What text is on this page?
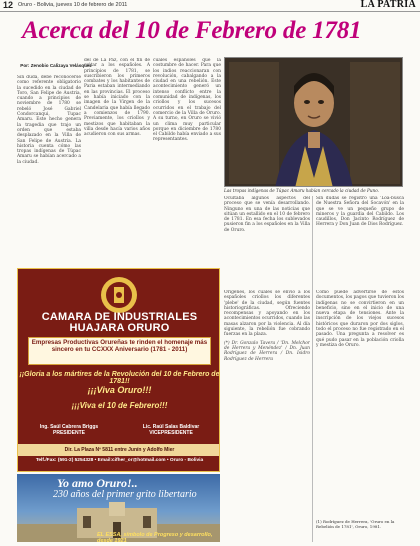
12 Oruro - Bolivia, jueves 10 de febrero de 2011	LA PATRIA
Acerca del 10 de Febrero de 1781
Por: Zenobio Calizaya Velásquez

Sin duda, debe reconocerse como referente obligatorio la sucedido en la ciudad de Toro, San Felipe de Austria, cuando a principios de noviembre de 1780 se rebeló José Gabriel Condorcanqui, Tupac Amaru. Este hecho genera la tragedia que trajo un orden que estaba desplazado en la Villa de San Felipe de Austria. La historia cuenta cómo las tropas indígenas de Túpac Amaru se habían acercado a la ciudad.

del de La Paz, con el fin de evitar a los españoles. A principios de 1781, se suscribieron los primeros combates y los habitantes de Paria estaban intermediando en las provincias. El proceso se había iniciado con la imagen de la Virgen de la Candelaria que había llegado a comienzos de 1790. Previamente, los criollos y mestizos que habitaban la villa desde hacía varios años acudieron con sus armas.

cuales españoles que la costumbre de hacer. Para que los indios reaccionaran con revolución, cabalgando a la ciudad en una rebelión. Este acontecimiento generó un intenso conflicto entre la comunidad de indígenas, los criollos y los sucesos ocurridos en el trabajo del comercio de la Villa de Oruro. A su turno, en Oruro se vivió un clima muy particular porque en diciembre de 1780 el Cabildo había enviado a sus representantes.

Las tropas indígenas de Túpac Amaru habían cercado la ciudad de Puno.

Ocultaba algunos aspectos del proceso que se venía desarrollando. Ninguno en una de las noticias que sitúan un estallido en el 10 de febrero de 1781. En esa fecha los sublevados pusieron fin a los españoles en la Villa de Oruro.

Sin dudas se registró una 'Loa-busca de Nuestra Señora del Socavón' en la que se ve un pequeño grupo de mineros y la guardia del Cabildo. Los caudillos, Don Jacinto Rodríguez de Herrera y Don Juan de Dios Rodríguez.

CAMARA DE INDUSTRIALES
HUAJARA ORURO
Empresas Productivas Orureñas te rinden el homenaje más sincero en tu CCXXX Aniversario (1781 - 2011)
¡¡Gloria a los mártires de la Revolución del 10 de Febrero de 1781!!
¡¡¡Viva Oruro!!!
¡¡¡Viva el 10 de Febrero!!!
Ing. Saúl Cabrera Briggs
PRESIDENTE
Lic. Raúl Salas Baldivar
VICEPRESIDENTE
Dir. La Plaza Nº 5811 entre Junín y Adolfo Mier
Telf./Fax: (591-2) 5254328 • Email:cifher_or@hotmail.com • Oruro - Bolivia
Yo amo Oruro!..
230 años del primer grito libertario
EL ESSA, símbolo de Progreso y desarrollo, desde 1921

Orígenes, los cuales se envió a los españoles criollos los diferentes 'plebe' de la ciudad, según fuentes historiográficas. Ofreciendo recompensas y apoyando en los acontecimientos ocurridos, cuando las masas alzaron por la violencia. Al día siguiente, la rebelión fue cobrando fuerzas en la plaza.

(*) Dr. Gonzalo Tavera / 'Dn. Melchor de Herrera y Menéndez' / Dn. Juan Rodríguez de Herrera / Dn. Isidro Rodríguez de Herrera

Como puede advertirse de estos documentos, los pagos que tuvieron los indígenas no se convirtieron en un beneficio, sino en el inicio de una nueva etapa de tensiones. Ante la inscripción de los viejos sucesos históricos que duraron por dos siglos, todo el proceso no fue registrado en el pasado. Una pregunta a resolver es qué pudo pasar en la población criolla y mestiza de Oruro.

(1) Rodríguez de Herrera, 'Oruro en la Rebelión de 1781', Oruro, 1981.
